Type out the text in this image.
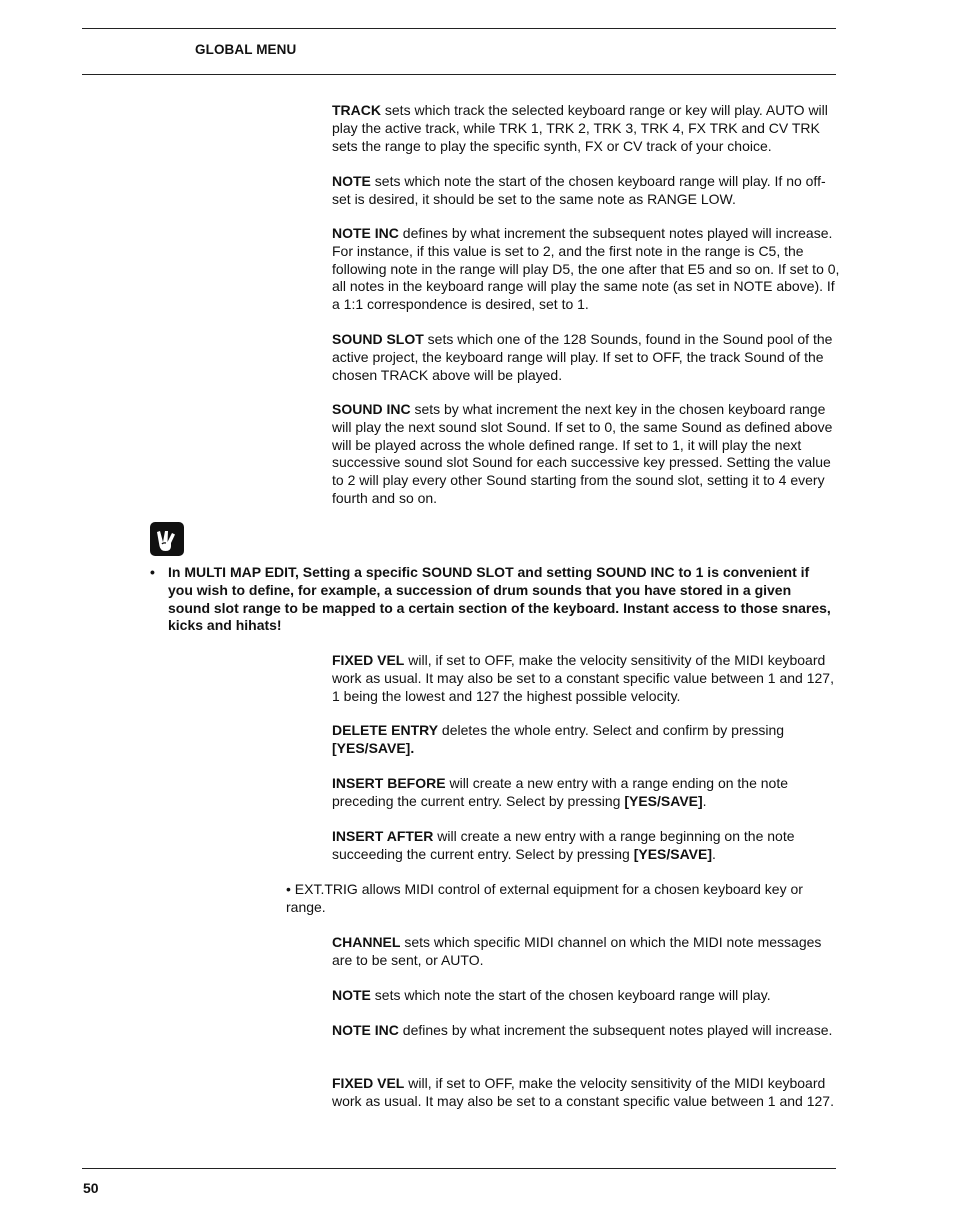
GLOBAL MENU

TRACK sets which track the selected keyboard range or key will play. AUTO will play the active track, while TRK 1, TRK 2, TRK 3, TRK 4, FX TRK and CV TRK sets the range to play the specific synth, FX or CV track of your choice.

NOTE sets which note the start of the chosen keyboard range will play. If no off-set is desired, it should be set to the same note as RANGE LOW.

NOTE INC defines by what increment the subsequent notes played will increase. For instance, if this value is set to 2, and the first note in the range is C5, the following note in the range will play D5, the one after that E5 and so on. If set to 0, all notes in the keyboard range will play the same note (as set in NOTE above). If a 1:1 correspondence is desired, set to 1.

SOUND SLOT sets which one of the 128 Sounds, found in the Sound pool of the active project, the keyboard range will play. If set to OFF, the track Sound of the chosen TRACK above will be played.

SOUND INC sets by what increment the next key in the chosen keyboard range will play the next sound slot Sound. If set to 0, the same Sound as defined above will be played across the whole defined range. If set to 1, it will play the next successive sound slot Sound for each successive key pressed. Setting the value to 2 will play every other Sound starting from the sound slot, setting it to 4 every fourth and so on.

• In MULTI MAP EDIT, Setting a specific SOUND SLOT and setting SOUND INC to 1 is convenient if you wish to define, for example, a succession of drum sounds that you have stored in a given sound slot range to be mapped to a certain section of the keyboard. Instant access to those snares, kicks and hihats!

FIXED VEL will, if set to OFF, make the velocity sensitivity of the MIDI keyboard work as usual. It may also be set to a constant specific value between 1 and 127, 1 being the lowest and 127 the highest possible velocity.

DELETE ENTRY deletes the whole entry. Select and confirm by pressing [YES/SAVE].

INSERT BEFORE will create a new entry with a range ending on the note preceding the current entry. Select by pressing [YES/SAVE].

INSERT AFTER will create a new entry with a range beginning on the note succeeding the current entry. Select by pressing [YES/SAVE].

• EXT.TRIG allows MIDI control of external equipment for a chosen keyboard key or range.

CHANNEL sets which specific MIDI channel on which the MIDI note messages are to be sent, or AUTO.

NOTE sets which note the start of the chosen keyboard range will play.

NOTE INC defines by what increment the subsequent notes played will increase.

FIXED VEL will, if set to OFF, make the velocity sensitivity of the MIDI keyboard work as usual. It may also be set to a constant specific value between 1 and 127.

50
